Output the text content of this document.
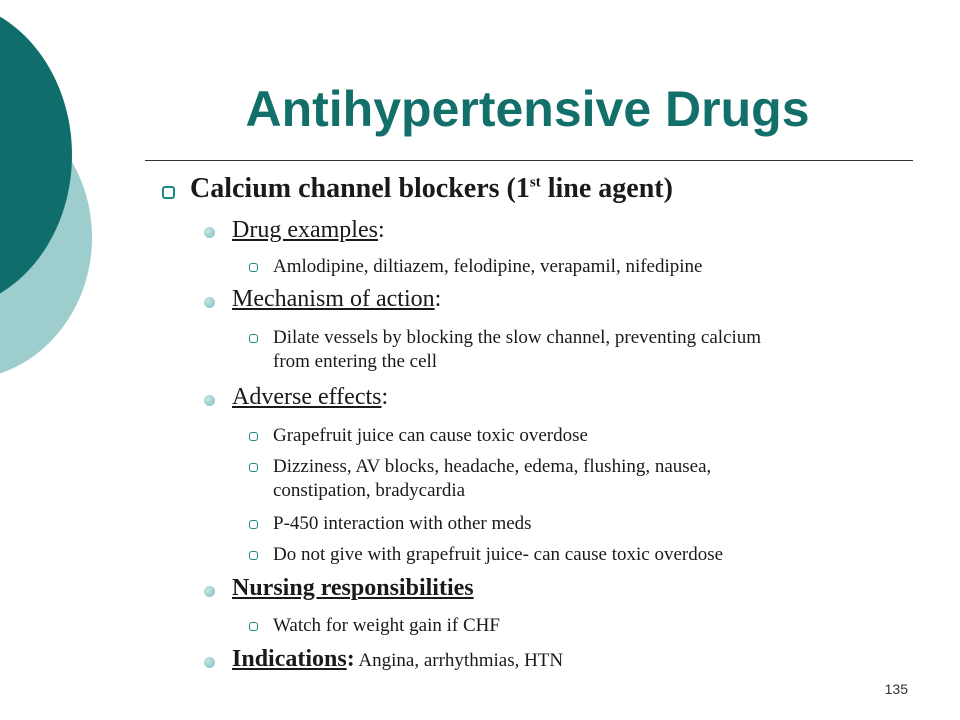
Antihypertensive Drugs
Calcium channel blockers (1st line agent)
Drug examples:
Amlodipine, diltiazem, felodipine, verapamil, nifedipine
Mechanism of action:
Dilate vessels by blocking the slow channel, preventing calcium
from entering the cell
Adverse effects:
Grapefruit juice can cause toxic overdose
Dizziness, AV blocks, headache, edema, flushing, nausea,
constipation, bradycardia
P-450 interaction with other meds
Do not give with grapefruit juice- can cause toxic overdose
Nursing responsibilities
Watch for weight gain if CHF
Indications: Angina, arrhythmias, HTN
135
